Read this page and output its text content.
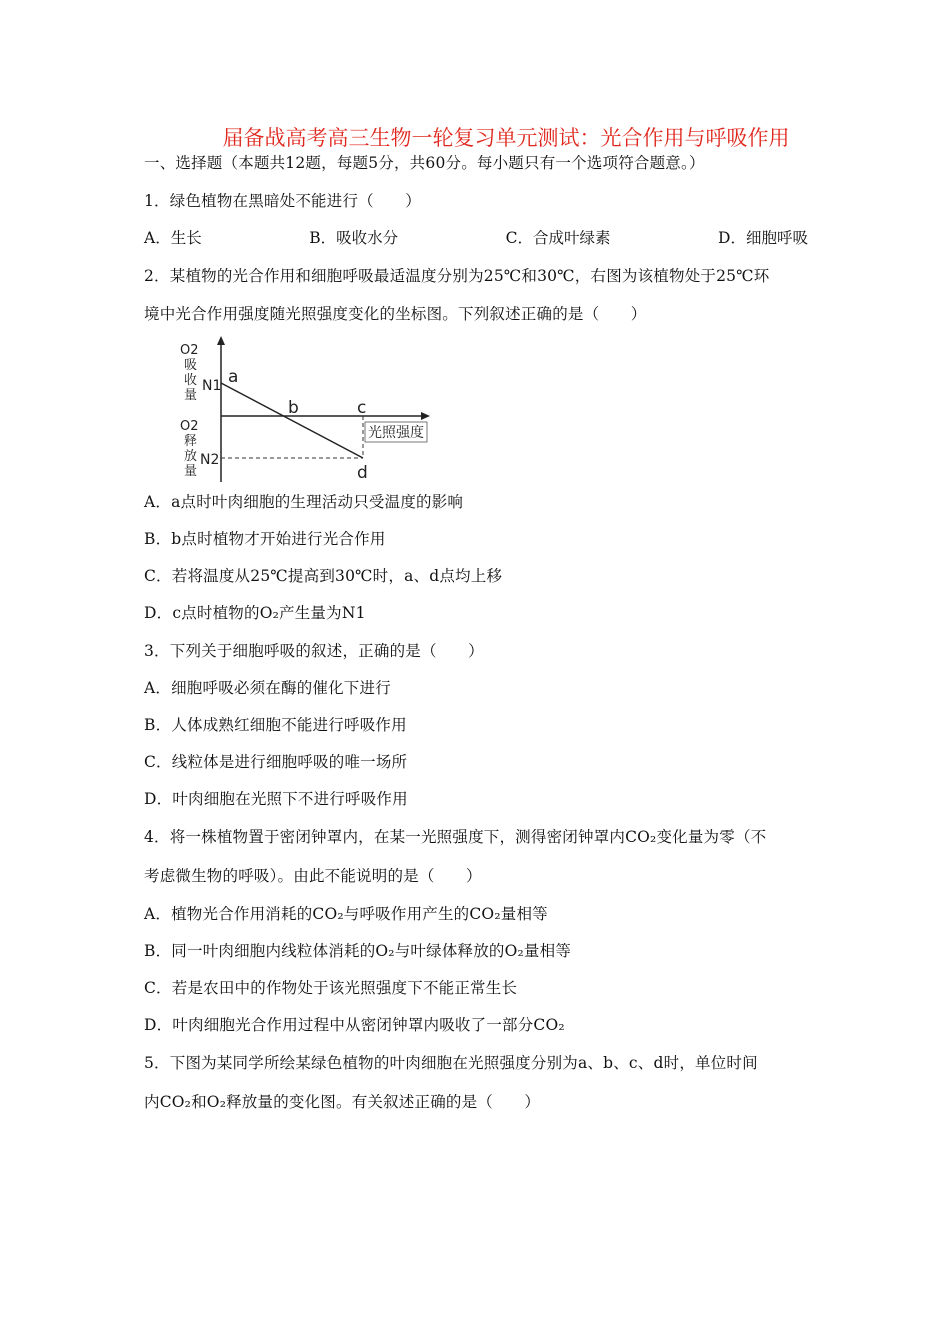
届备战高考高三生物一轮复习单元测试：光合作用与呼吸作用
一、选择题（本题共12题，每题5分，共60分。每小题只有一个选项符合题意。）
1．绿色植物在黑暗处不能进行（　　）
A．生长	B．吸收水分	C．合成叶绿素	D．细胞呼吸
2．某植物的光合作用和细胞呼吸最适温度分别为25℃和30℃，右图为该植物处于25℃环
境中光合作用强度随光照强度变化的坐标图。下列叙述正确的是（　　）
O2
吸
收
量
O2
释
放
量
N1
N2
光照强度
a
b	c
d
A．a点时叶肉细胞的生理活动只受温度的影响
B．b点时植物才开始进行光合作用
C．若将温度从25℃提高到30℃时，a、d点均上移
D．c点时植物的O₂产生量为N1
3．下列关于细胞呼吸的叙述，正确的是（　　）
A．细胞呼吸必须在酶的催化下进行
B．人体成熟红细胞不能进行呼吸作用
C．线粒体是进行细胞呼吸的唯一场所
D．叶肉细胞在光照下不进行呼吸作用
4．将一株植物置于密闭钟罩内，在某一光照强度下，测得密闭钟罩内CO₂变化量为零（不
考虑微生物的呼吸）。由此不能说明的是（　　）
A．植物光合作用消耗的CO₂与呼吸作用产生的CO₂量相等
B．同一叶肉细胞内线粒体消耗的O₂与叶绿体释放的O₂量相等
C．若是农田中的作物处于该光照强度下不能正常生长
D．叶肉细胞光合作用过程中从密闭钟罩内吸收了一部分CO₂
5．下图为某同学所绘某绿色植物的叶肉细胞在光照强度分别为a、b、c、d时，单位时间
内CO₂和O₂释放量的变化图。有关叙述正确的是（　　）
